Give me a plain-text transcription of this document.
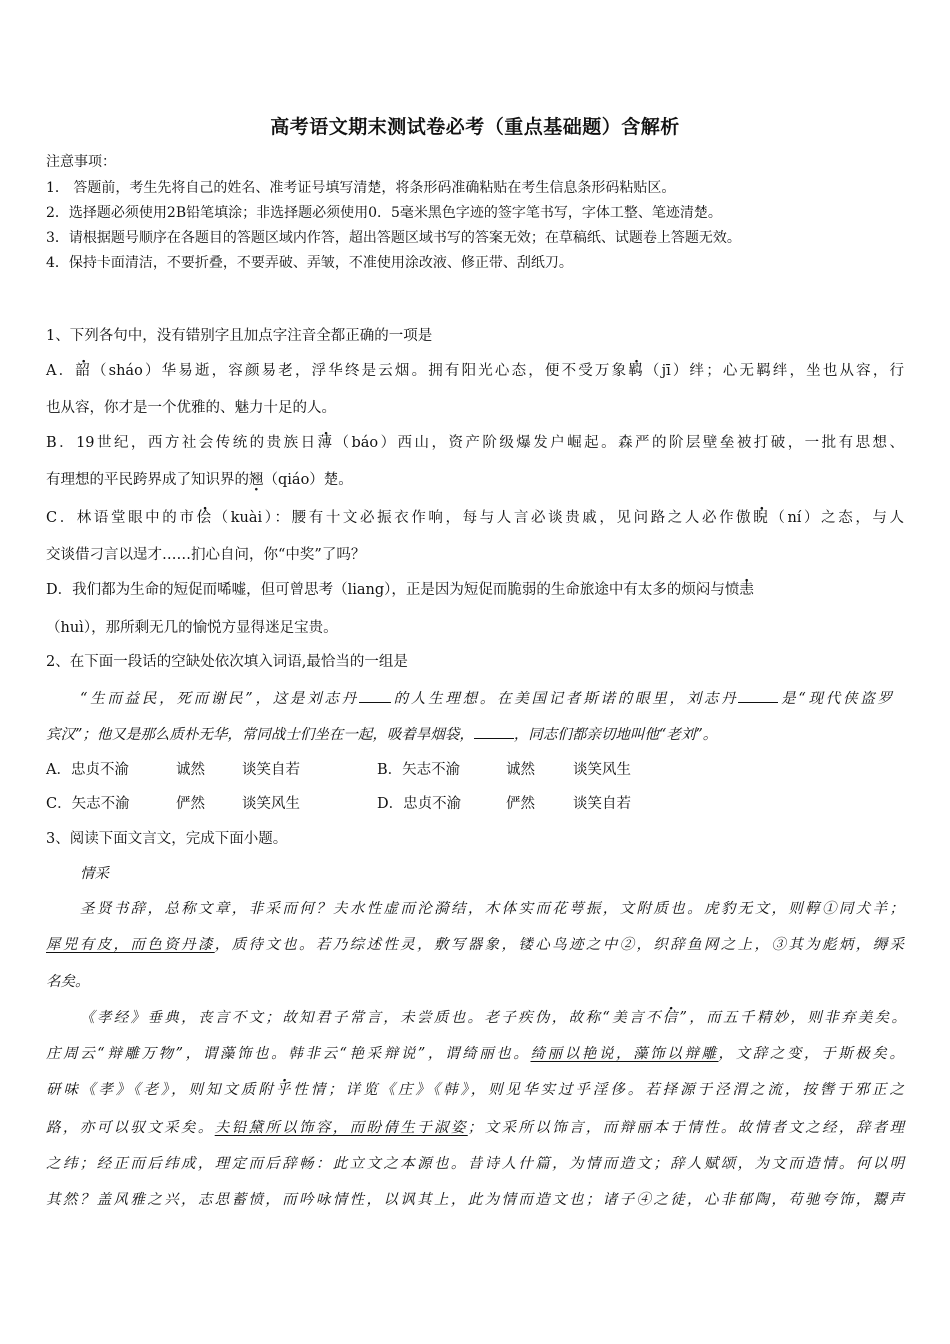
高考语文期末测试卷必考（重点基础题）含解析
注意事项：
1． 答题前，考生先将自己的姓名、准考证号填写清楚，将条形码准确粘贴在考生信息条形码粘贴区。
2．选择题必须使用2B铅笔填涂；非选择题必须使用0．5毫米黑色字迹的签字笔书写，字体工整、笔迹清楚。
3．请根据题号顺序在各题目的答题区域内作答，超出答题区域书写的答案无效；在草稿纸、试题卷上答题无效。
4．保持卡面清洁，不要折叠，不要弄破、弄皱，不准使用涂改液、修正带、刮纸刀。
1、下列各句中，没有错别字且加点字注音全都正确的一项是
A．韶（sháo）华易逝，容颜易老，浮华终是云烟。拥有阳光心态，便不受万象羁（jī）绊；心无羁绊，坐也从容，行
也从容，你才是一个优雅的、魅力十足的人。
B．19世纪，西方社会传统的贵族日薄（báo）西山，资产阶级爆发户崛起。森严的阶层壁垒被打破，一批有思想、
有理想的平民跨界成了知识界的翘（qiáo）楚。
C．林语堂眼中的市侩（kuài）：腰有十文必振衣作响，每与人言必谈贵戚，见问路之人必作傲睨（ní）之态，与人
交谈借刁言以逞才……扪心自问，你“中奖”了吗？
D．我们都为生命的短促而唏嘘，但可曾思考（liang），正是因为短促而脆弱的生命旅途中有太多的烦闷与愤恚
（huì），那所剩无几的愉悦方显得迷足宝贵。
2、在下面一段话的空缺处依次填入词语,最恰当的一组是
“生而益民，死而谢民”，这是刘志丹 的人生理想。在美国记者斯诺的眼里，刘志丹	是“现代侠盗罗
宾汉”；他又是那么质朴无华，常同战士们坐在一起，吸着旱烟袋，	，同志们都亲切地叫他“老刘”。
A．忠贞不渝	诚然	谈笑自若	B．矢志不渝	诚然	谈笑风生
C．矢志不渝	俨然	谈笑风生	D．忠贞不渝	俨然	谈笑自若
3、阅读下面文言文，完成下面小题。
情采
圣贤书辞，总称文章，非采而何？夫水性虚而沦漪结，木体实而花萼振，文附质也。虎豹无文，则鞟①同犬羊；
犀兕有皮，而色资丹漆，质待文也。若乃综述性灵，敷写器象，镂心鸟迹之中②，织辞鱼网之上，③其为彪炳，缛采
名矣。
《孝经》垂典，丧言不文；故知君子常言，未尝质也。老子疾伪，故称“美言不信”，而五千精妙，则非弃美矣。
庄周云“辩雕万物”，谓藻饰也。韩非云“艳采辩说”，谓绮丽也。绮丽以艳说，藻饰以辩雕，文辞之变，于斯极矣。
研味《孝》《老》，则知文质附乎性情；详览《庄》《韩》，则见华实过乎淫侈。若择源于泾渭之流，按辔于邪正之
路，亦可以驭文采矣。夫铅黛所以饰容，而盼倩生于淑姿；文采所以饰言，而辩丽本于情性。故情者文之经，辞者理
之纬；经正而后纬成，理定而后辞畅：此立文之本源也。昔诗人什篇，为情而造文；辞人赋颂，为文而造情。何以明
其然？盖风雅之兴，志思蓄愤，而吟咏情性，以讽其上，此为情而造文也；诸子④之徒，心非郁陶，苟驰夸饰，鬻声
